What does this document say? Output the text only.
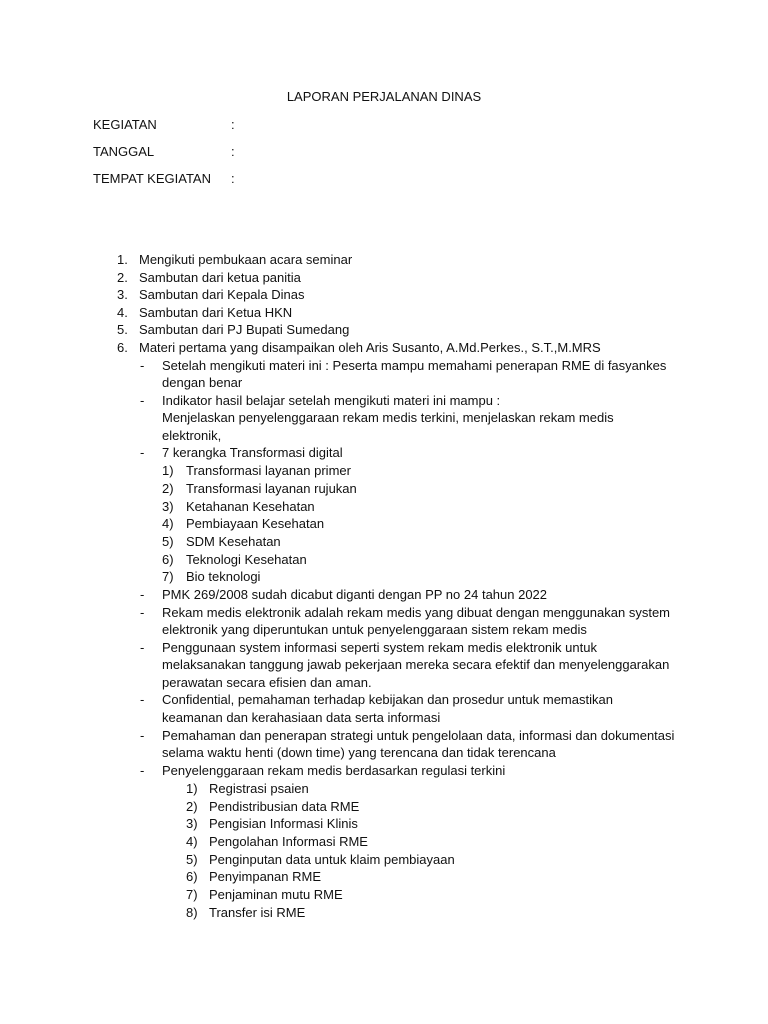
LAPORAN PERJALANAN DINAS
KEGIATAN	:
TANGGAL	:
TEMPAT KEGIATAN :
1. Mengikuti pembukaan acara seminar
2. Sambutan dari ketua panitia
3. Sambutan dari Kepala Dinas
4. Sambutan dari Ketua HKN
5. Sambutan dari PJ Bupati Sumedang
6. Materi pertama yang disampaikan oleh Aris Susanto, A.Md.Perkes., S.T.,M.MRS
- Setelah mengikuti materi ini : Peserta mampu memahami penerapan RME di fasyankes
dengan benar
- Indikator hasil belajar setelah mengikuti materi ini mampu :
Menjelaskan penyelenggaraan rekam medis terkini, menjelaskan rekam medis
elektronik,
- 7 kerangka Transformasi digital
1) Transformasi layanan primer
2) Transformasi layanan rujukan
3) Ketahanan Kesehatan
4) Pembiayaan Kesehatan
5) SDM Kesehatan
6) Teknologi Kesehatan
7) Bio teknologi
- PMK 269/2008 sudah dicabut diganti dengan PP no 24 tahun 2022
- Rekam medis elektronik adalah rekam medis yang dibuat dengan menggunakan system
elektronik yang diperuntukan untuk penyelenggaraan sistem rekam medis
- Penggunaan system informasi seperti system rekam medis elektronik untuk
melaksanakan tanggung jawab pekerjaan mereka secara efektif dan menyelenggarakan
perawatan secara efisien dan aman.
- Confidential, pemahaman terhadap kebijakan dan prosedur untuk memastikan
keamanan dan kerahasiaan data serta informasi
- Pemahaman dan penerapan strategi untuk pengelolaan data, informasi dan dokumentasi
selama waktu henti (down time) yang terencana dan tidak terencana
- Penyelenggaraan rekam medis berdasarkan regulasi terkini
1) Registrasi psaien
2) Pendistribusian data RME
3) Pengisian Informasi Klinis
4) Pengolahan Informasi RME
5) Penginputan data untuk klaim pembiayaan
6) Penyimpanan RME
7) Penjaminan mutu RME
8) Transfer isi RME
